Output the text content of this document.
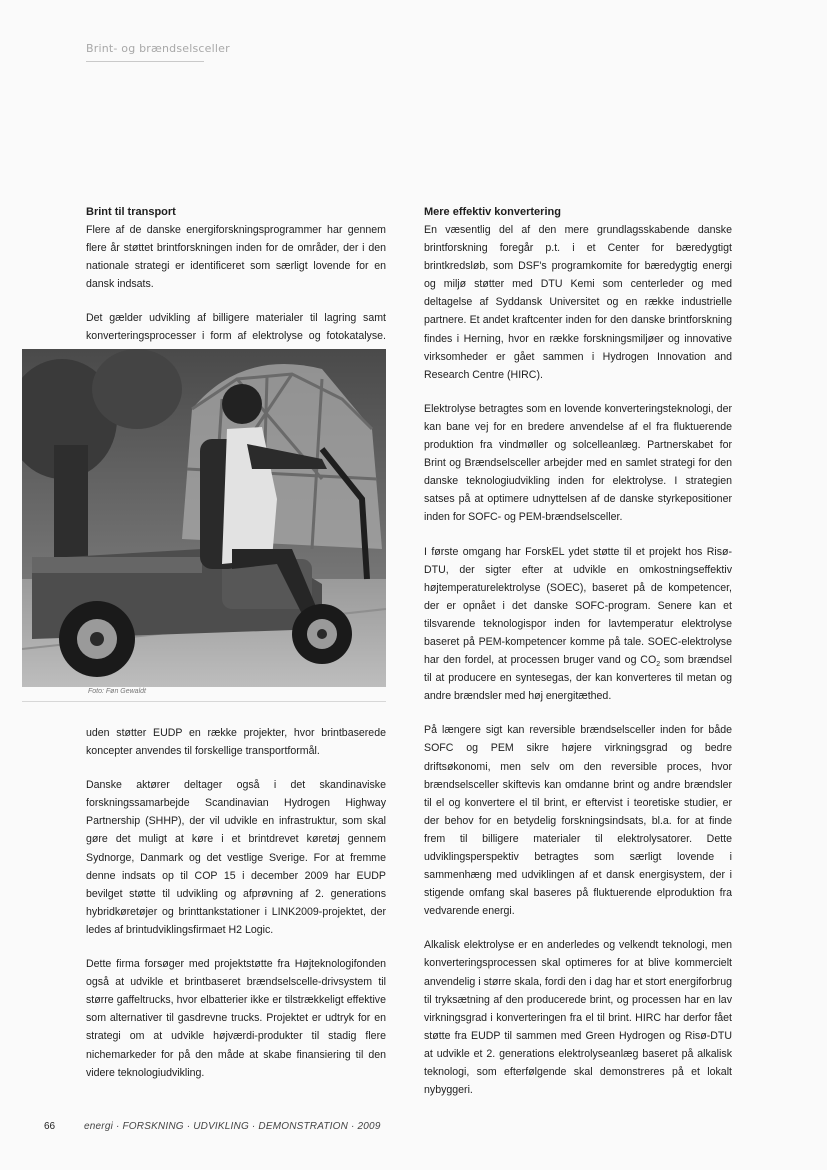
Brint- og brændselsceller
Brint til transport

Flere af de danske energiforskningsprogrammer har gennem flere år støttet brintforskningen inden for de områder, der i den nationale strategi er identificeret som særligt lovende for en dansk indsats.

Det gælder udvikling af billigere materialer til lagring samt konverteringsprocesser i form af elektrolyse og fotokatalyse.

Foto: Føn Gewaldt

uden støtter EUDP en række projekter, hvor brintbaserede koncepter anvendes til forskellige transportformål.

Danske aktører deltager også i det skandinaviske forskningssamarbejde Scandinavian Hydrogen Highway Partnership (SHHP), der vil udvikle en infrastruktur, som skal gøre det muligt at køre i et brintdrevet køretøj gennem Sydnorge, Danmark og det vestlige Sverige. For at fremme denne indsats op til COP 15 i december 2009 har EUDP bevilget støtte til udvikling og afprøvning af 2. generations hybridkøretøjer og brinttankstationer i LINK2009-projektet, der ledes af brintudviklingsfirmaet H2 Logic.

Dette firma forsøger med projektstøtte fra Højteknologifonden også at udvikle et brintbaseret brændselscelle-drivsystem til større gaffeltrucks, hvor elbatterier ikke er tilstrækkeligt effektive som alternativer til gasdrevne trucks. Projektet er udtryk for en strategi om at udvikle højværdi-produkter til stadig flere nichemarkeder for på den måde at skabe finansiering til den videre teknologiudvikling.

Mere effektiv konvertering

En væsentlig del af den mere grundlagsskabende danske brintforskning foregår p.t. i et Center for bæredygtigt brintkredsløb, som DSF's programkomite for bæredygtig energi og miljø støtter med DTU Kemi som centerleder og med deltagelse af Syddansk Universitet og en række industrielle partnere. Et andet kraftcenter inden for den danske brintforskning findes i Herning, hvor en række forskningsmiljøer og innovative virksomheder er gået sammen i Hydrogen Innovation and Research Centre (HIRC).

Elektrolyse betragtes som en lovende konverteringsteknologi, der kan bane vej for en bredere anvendelse af el fra fluktuerende produktion fra vindmøller og solcelleanlæg. Partnerskabet for Brint og Brændselsceller arbejder med en samlet strategi for den danske teknologiudvikling inden for elektrolyse. I strategien satses på at optimere udnyttelsen af de danske styrkepositioner inden for SOFC- og PEM-brændselsceller.

I første omgang har ForskEL ydet støtte til et projekt hos Risø-DTU, der sigter efter at udvikle en omkostningseffektiv højtemperaturelektrolyse (SOEC), baseret på de kompetencer, der er opnået i det danske SOFC-program. Senere kan et tilsvarende teknologispor inden for lavtemperatur elektrolyse baseret på PEM-kompetencer komme på tale. SOEC-elektrolyse har den fordel, at processen bruger vand og $CO_2$ som brændsel til at producere en syntesegas, der kan konverteres til metan og andre brændsler med høj energitæthed.

På længere sigt kan reversible brændselsceller inden for både SOFC og PEM sikre højere virkningsgrad og bedre driftsøkonomi, men selv om den reversible proces, hvor brændselsceller skiftevis kan omdanne brint og andre brændsler til el og konvertere el til brint, er eftervist i teoretiske studier, er der behov for en betydelig forskningsindsats, bl.a. for at finde frem til billigere materialer til elektrolysatorer. Dette udviklingsperspektiv betragtes som særligt lovende i sammenhæng med udviklingen af et dansk energisystem, der i stigende omfang skal baseres på fluktuerende elproduktion fra vedvarende energi.

Alkalisk elektrolyse er en anderledes og velkendt teknologi, men konverteringsprocessen skal optimeres for at blive kommercielt anvendelig i større skala, fordi den i dag har et stort energiforbrug til tryksætning af den producerede brint, og processen har en lav virkningsgrad i konverteringen fra el til brint. HIRC har derfor fået støtte fra EUDP til sammen med Green Hydrogen og Risø-DTU at udvikle et 2. generations elektrolyseanlæg baseret på alkalisk teknologi, som efterfølgende skal demonstreres på et lokalt nybyggeri.

66	energi · FORSKNING · UDVIKLING · DEMONSTRATION · 2009
